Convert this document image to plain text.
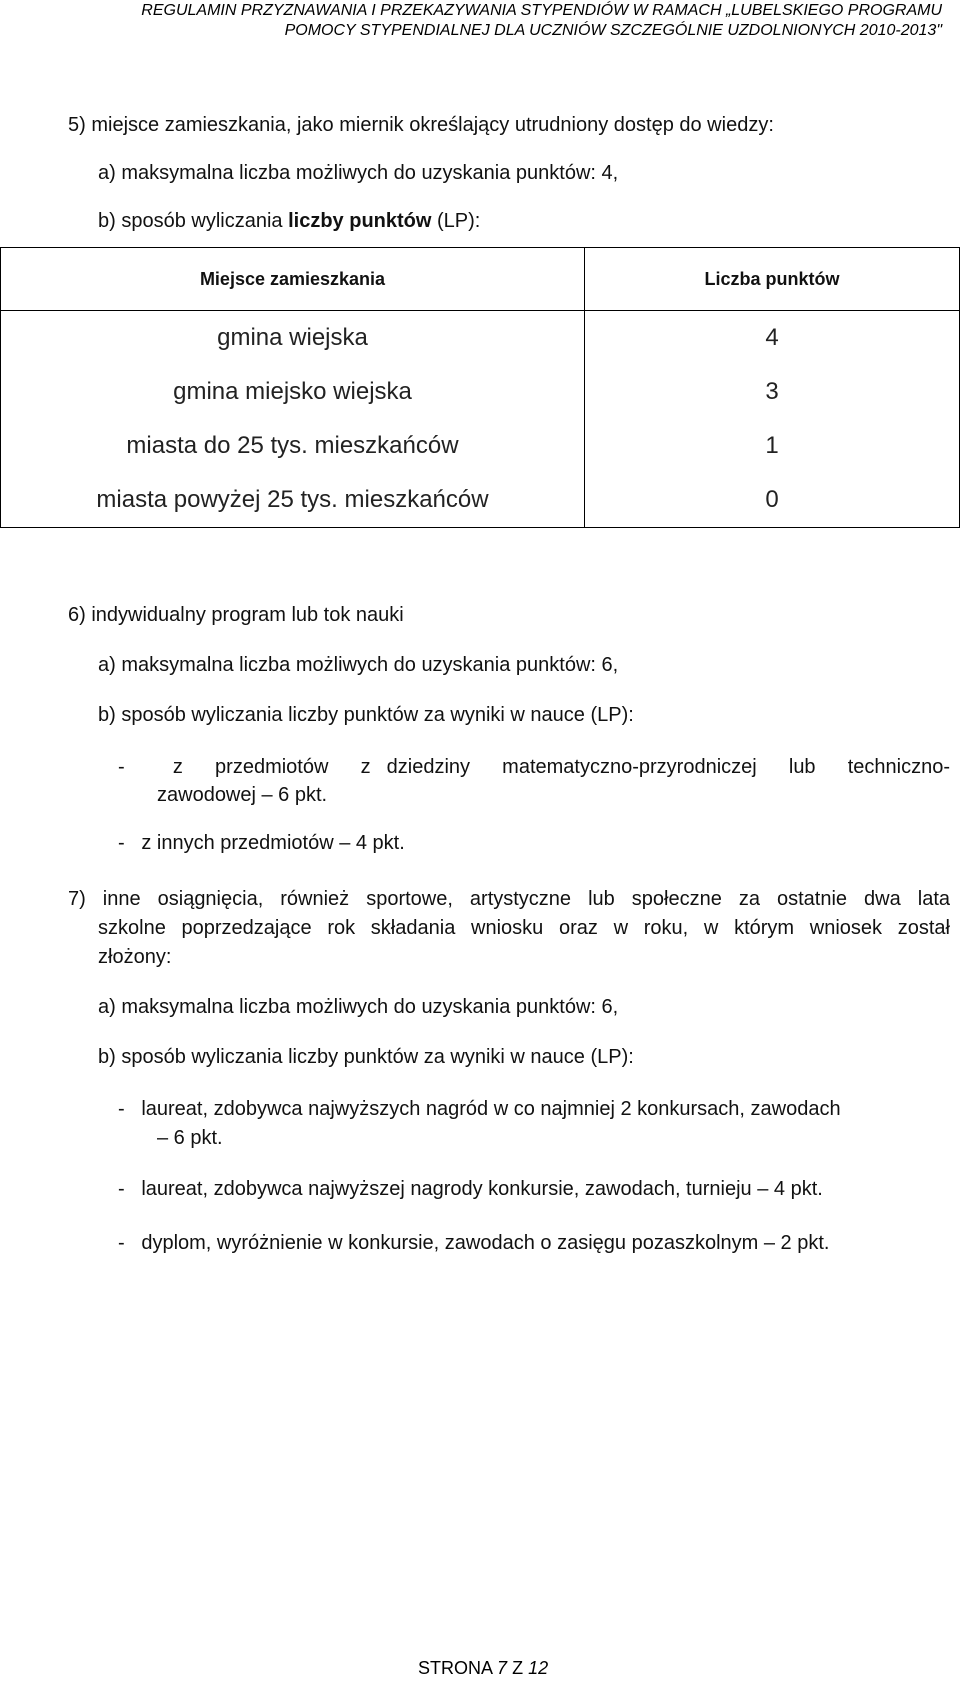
REGULAMIN PRZYZNAWANIA I PRZEKAZYWANIA STYPENDIÓW W RAMACH „LUBELSKIEGO PROGRAMU
POMOCY STYPENDIALNEJ DLA UCZNIÓW SZCZEGÓLNIE UZDOLNIONYCH 2010-2013"
5) miejsce zamieszkania, jako miernik określający utrudniony dostęp do wiedzy:
a) maksymalna liczba możliwych do uzyskania punktów: 4,
b) sposób wyliczania liczby punktów (LP):
Miejsce zamieszkania	Liczba punktów
gmina wiejska	4
gmina miejsko wiejska	3
miasta do 25 tys. mieszkańców	1
miasta powyżej 25 tys. mieszkańców	0
6) indywidualny program lub tok nauki
a) maksymalna liczba możliwych do uzyskania punktów: 6,
b) sposób wyliczania liczby punktów za wyniki w nauce (LP):
-   z  przedmiotów  z dziedziny  matematyczno-przyrodniczej  lub  techniczno-
zawodowej – 6 pkt.
-   z innych przedmiotów – 4 pkt.
7) inne osiągnięcia, również sportowe, artystyczne lub społeczne za ostatnie dwa lata
szkolne poprzedzające rok składania wniosku oraz w roku, w którym wniosek został
złożony:
a) maksymalna liczba możliwych do uzyskania punktów: 6,
b) sposób wyliczania liczby punktów za wyniki w nauce (LP):
-   laureat, zdobywca najwyższych nagród w co najmniej 2 konkursach, zawodach
– 6 pkt.
-   laureat, zdobywca najwyższej nagrody konkursie, zawodach, turnieju – 4 pkt.
-   dyplom, wyróżnienie w konkursie, zawodach o zasięgu pozaszkolnym – 2 pkt.
STRONA 7 Z 12
